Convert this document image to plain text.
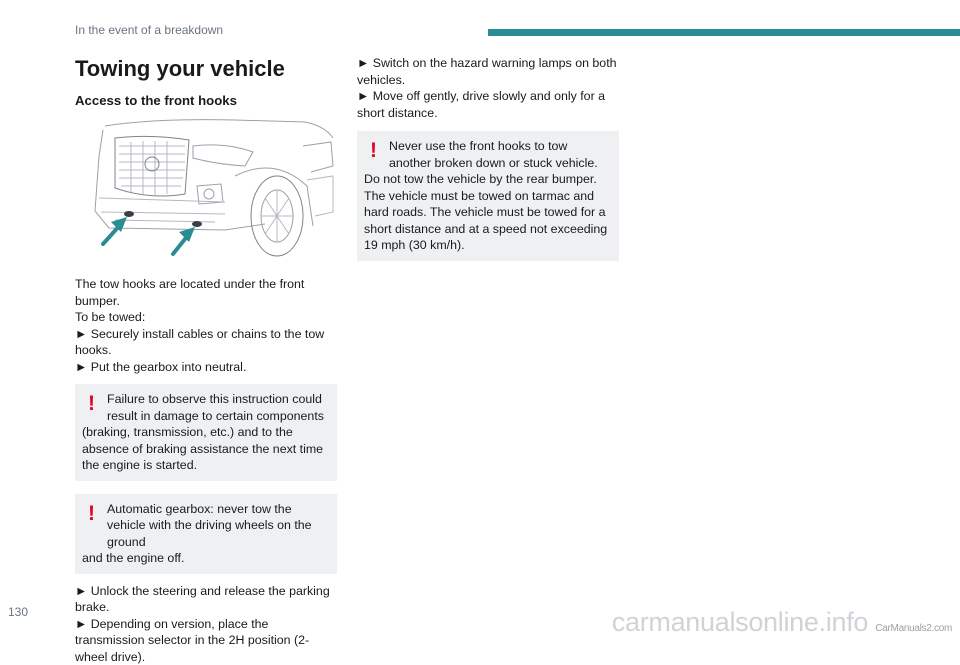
In the event of a breakdown
Towing your vehicle
Access to the front hooks

The tow hooks are located under the front bumper.

To be towed:

► Securely install cables or chains to the tow hooks.

► Put the gearbox into neutral.

! Failure to observe this instruction could result in damage to certain components

(braking, transmission, etc.) and to the absence of braking assistance the next time the engine is started.

! Automatic gearbox: never tow the vehicle with the driving wheels on the ground

and the engine off.

► Unlock the steering and release the parking brake.

► Depending on version, place the transmission selector in the 2H position (2-wheel drive).

► Switch on the hazard warning lamps on both vehicles.

► Move off gently, drive slowly and only for a short distance.

! Never use the front hooks to tow another broken down or stuck vehicle.

Do not tow the vehicle by the rear bumper.

The vehicle must be towed on tarmac and hard roads. The vehicle must be towed for a short distance and at a speed not exceeding 19 mph (30 km/h).

130	carmanualsonline.info CarManuals2.com
